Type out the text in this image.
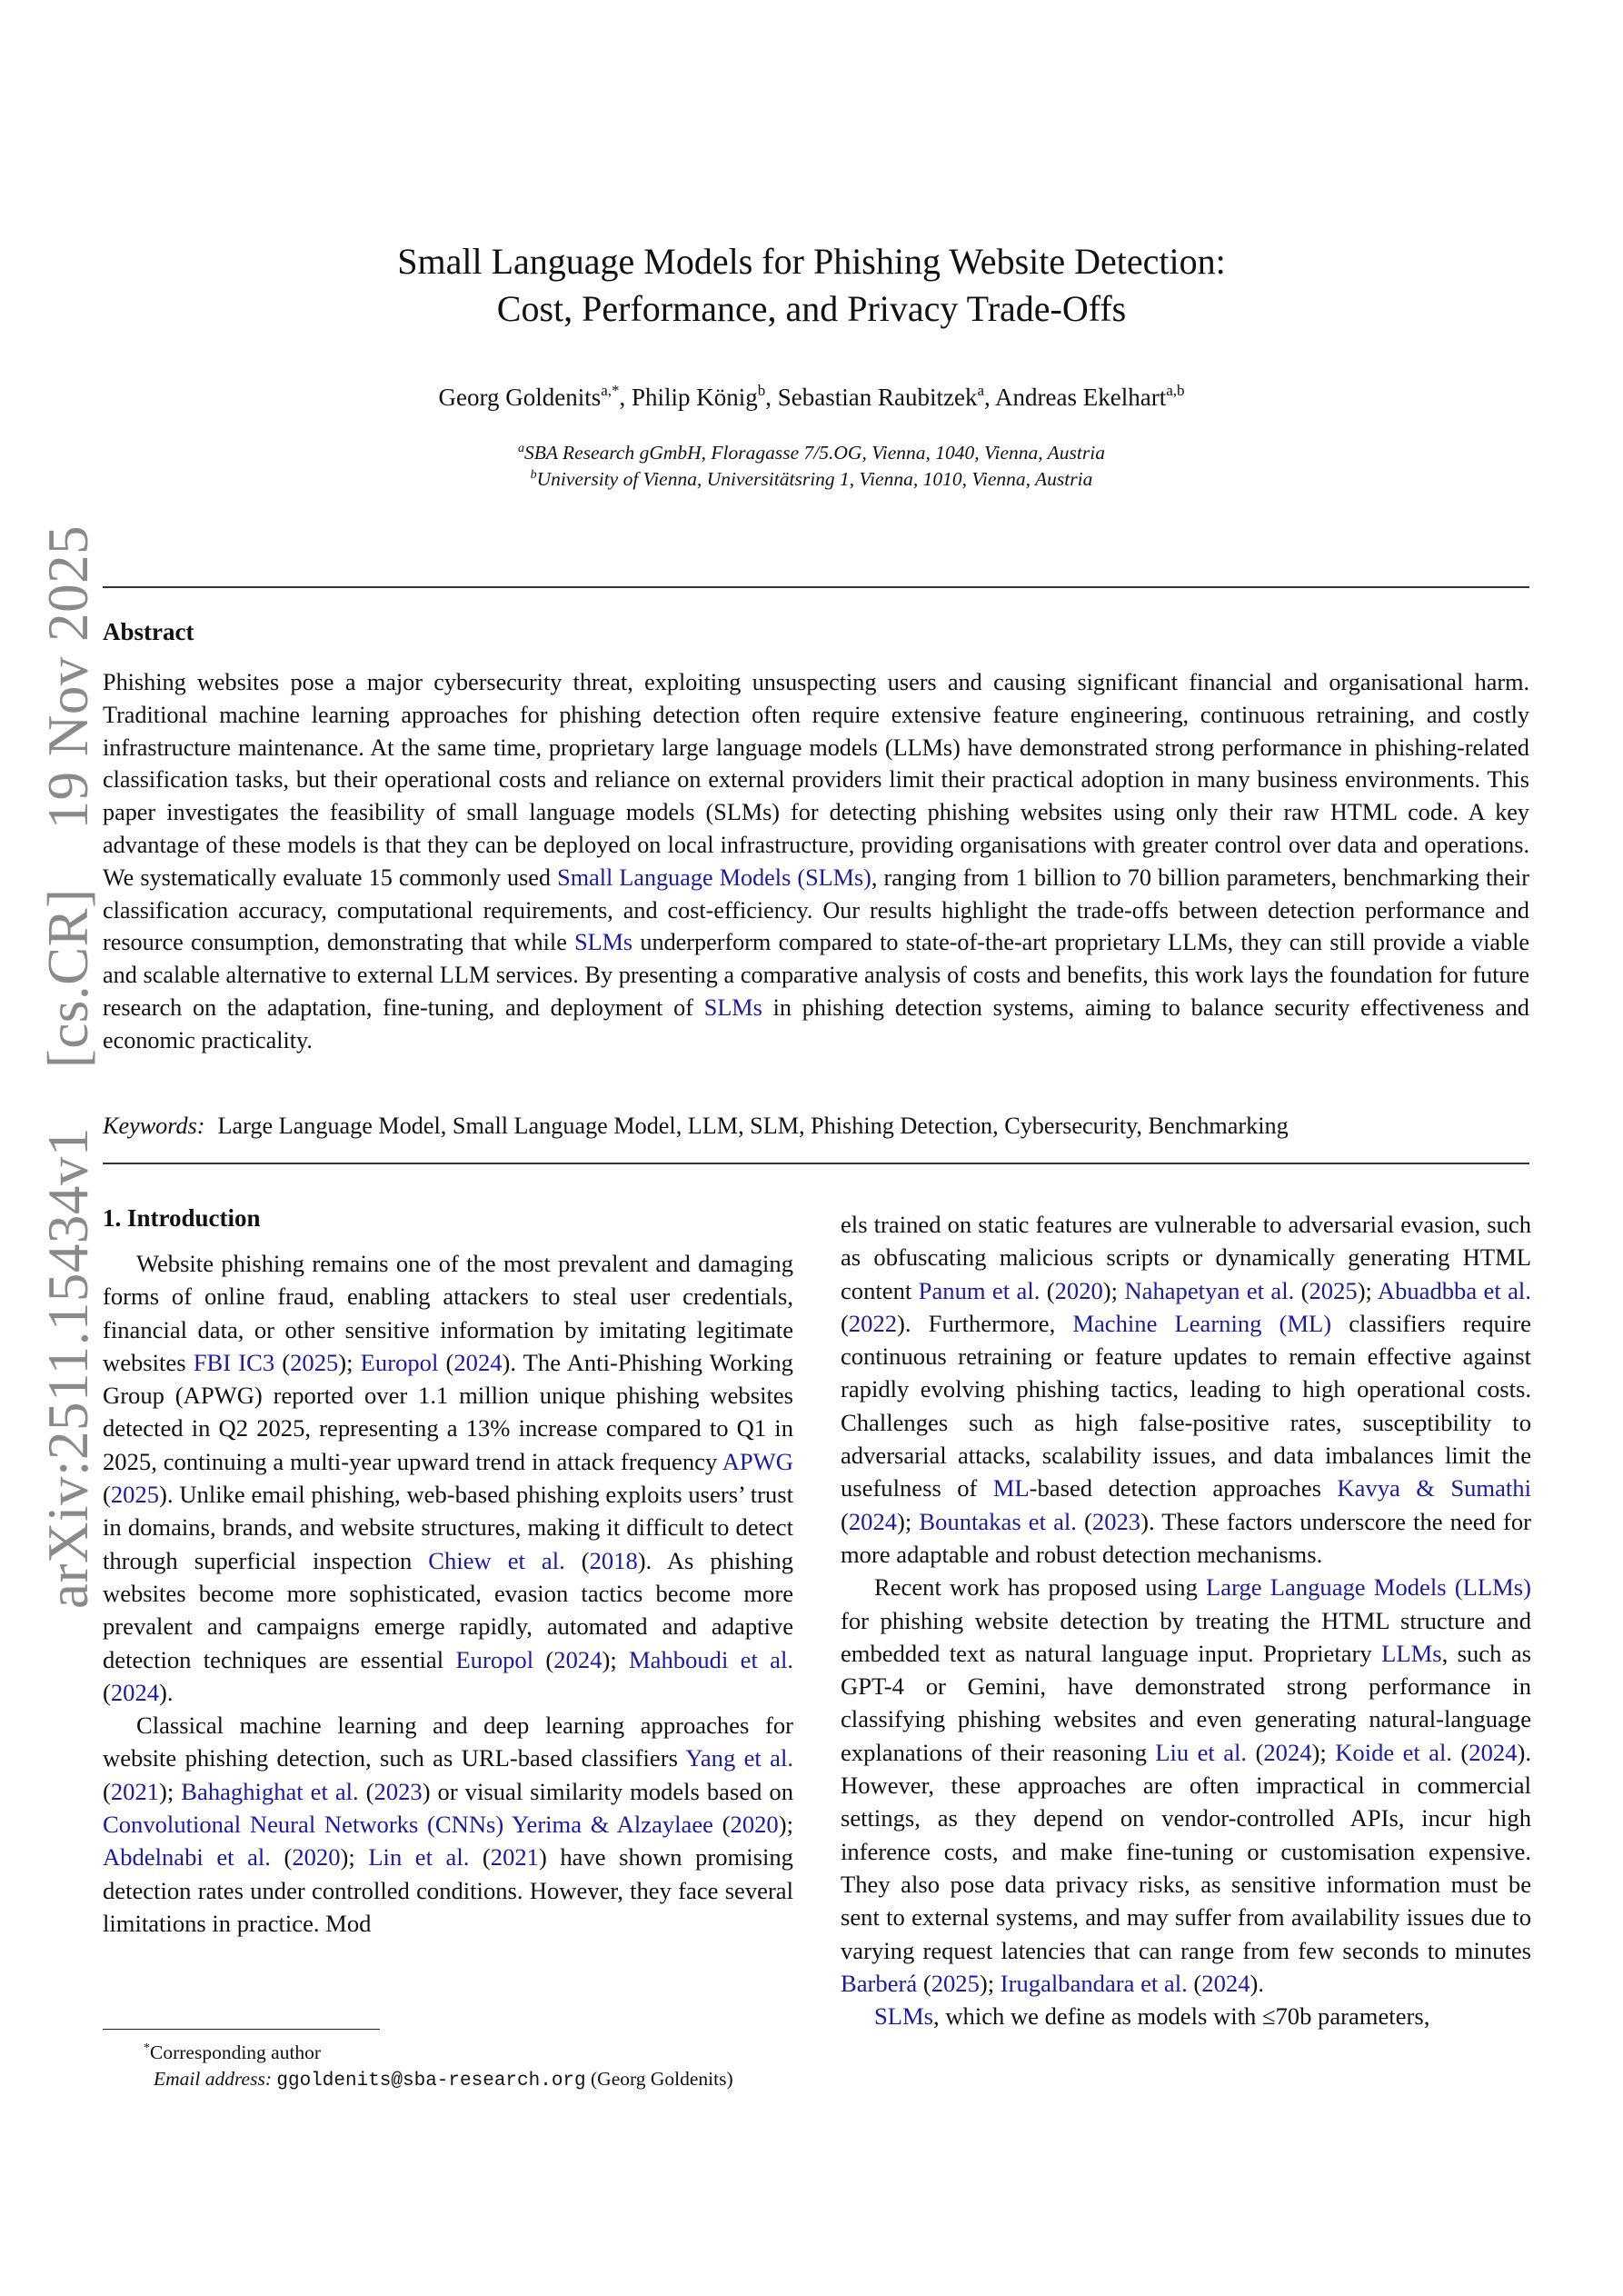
arXiv:2511.15434v1    [cs.CR]    19 Nov 2025
Small Language Models for Phishing Website Detection:
Cost, Performance, and Privacy Trade-Offs
Georg Goldenits$^{a,*}$, Philip König$^b$, Sebastian Raubitzek$^a$, Andreas Ekelhart$^{a,b}$
$^a$SBA Research gGmbH, Floragasse 7/5.OG, Vienna, 1040, Vienna, Austria
$^b$University of Vienna, Universitätsring 1, Vienna, 1010, Vienna, Austria
Abstract
Phishing websites pose a major cybersecurity threat, exploiting unsuspecting users and causing significant financial and organisational harm. Traditional machine learning approaches for phishing detection often require extensive feature engineering, continuous retraining, and costly infrastructure maintenance. At the same time, proprietary large language models (LLMs) have demonstrated strong performance in phishing-related classification tasks, but their operational costs and reliance on external providers limit their practical adoption in many business environments. This paper investigates the feasibility of small language models (SLMs) for detecting phishing websites using only their raw HTML code. A key advantage of these models is that they can be deployed on local infrastructure, providing organisations with greater control over data and operations. We systematically evaluate 15 commonly used Small Language Models (SLMs), ranging from 1 billion to 70 billion parameters, benchmarking their classification accuracy, computational requirements, and cost-efficiency. Our results highlight the trade-offs between detection performance and resource consumption, demonstrating that while SLMs underperform compared to state-of-the-art proprietary LLMs, they can still provide a viable and scalable alternative to external LLM services. By presenting a comparative analysis of costs and benefits, this work lays the foundation for future research on the adaptation, fine-tuning, and deployment of SLMs in phishing detection systems, aiming to balance security effectiveness and economic practicality.
Keywords: Large Language Model, Small Language Model, LLM, SLM, Phishing Detection, Cybersecurity, Benchmarking
1. Introduction

Website phishing remains one of the most prevalent and damaging forms of online fraud, enabling attackers to steal user credentials, financial data, or other sensitive information by imitating legitimate websites FBI IC3 (2025); Europol (2024). The Anti-Phishing Working Group (APWG) reported over 1.1 million unique phishing websites detected in Q2 2025, representing a 13% increase compared to Q1 in 2025, continuing a multi-year upward trend in attack frequency APWG (2025). Unlike email phishing, web-based phishing exploits users’ trust in domains, brands, and website structures, making it difficult to detect through superficial inspection Chiew et al. (2018). As phishing websites become more sophisticated, evasion tactics become more prevalent and campaigns emerge rapidly, automated and adaptive detection techniques are essential Europol (2024); Mahboudi et al. (2024).

Classical machine learning and deep learning approaches for website phishing detection, such as URL-based classifiers Yang et al. (2021); Bahaghighat et al. (2023) or visual similarity models based on Convolutional Neural Networks (CNNs) Yerima & Alzaylaee (2020); Abdelnabi et al. (2020); Lin et al. (2021) have shown promising detection rates under controlled conditions. However, they face several limitations in practice. Mod

els trained on static features are vulnerable to adversarial evasion, such as obfuscating malicious scripts or dynamically generating HTML content Panum et al. (2020); Nahapetyan et al. (2025); Abuadbba et al. (2022). Furthermore, Machine Learning (ML) classifiers require continuous retraining or feature updates to remain effective against rapidly evolving phishing tactics, leading to high operational costs. Challenges such as high false-positive rates, susceptibility to adversarial attacks, scalability issues, and data imbalances limit the usefulness of ML-based detection approaches Kavya & Sumathi (2024); Bountakas et al. (2023). These factors underscore the need for more adaptable and robust detection mechanisms.

Recent work has proposed using Large Language Models (LLMs) for phishing website detection by treating the HTML structure and embedded text as natural language input. Proprietary LLMs, such as GPT-4 or Gemini, have demonstrated strong performance in classifying phishing websites and even generating natural-language explanations of their reasoning Liu et al. (2024); Koide et al. (2024). However, these approaches are often impractical in commercial settings, as they depend on vendor-controlled APIs, incur high inference costs, and make fine-tuning or customisation expensive. They also pose data privacy risks, as sensitive information must be sent to external systems, and may suffer from availability issues due to varying request latencies that can range from few seconds to minutes Barberá (2025); Irugalbandara et al. (2024).

SLMs, which we define as models with ≤70b parameters,

*Corresponding author
Email address: ggoldenits@sba-research.org (Georg Goldenits)
